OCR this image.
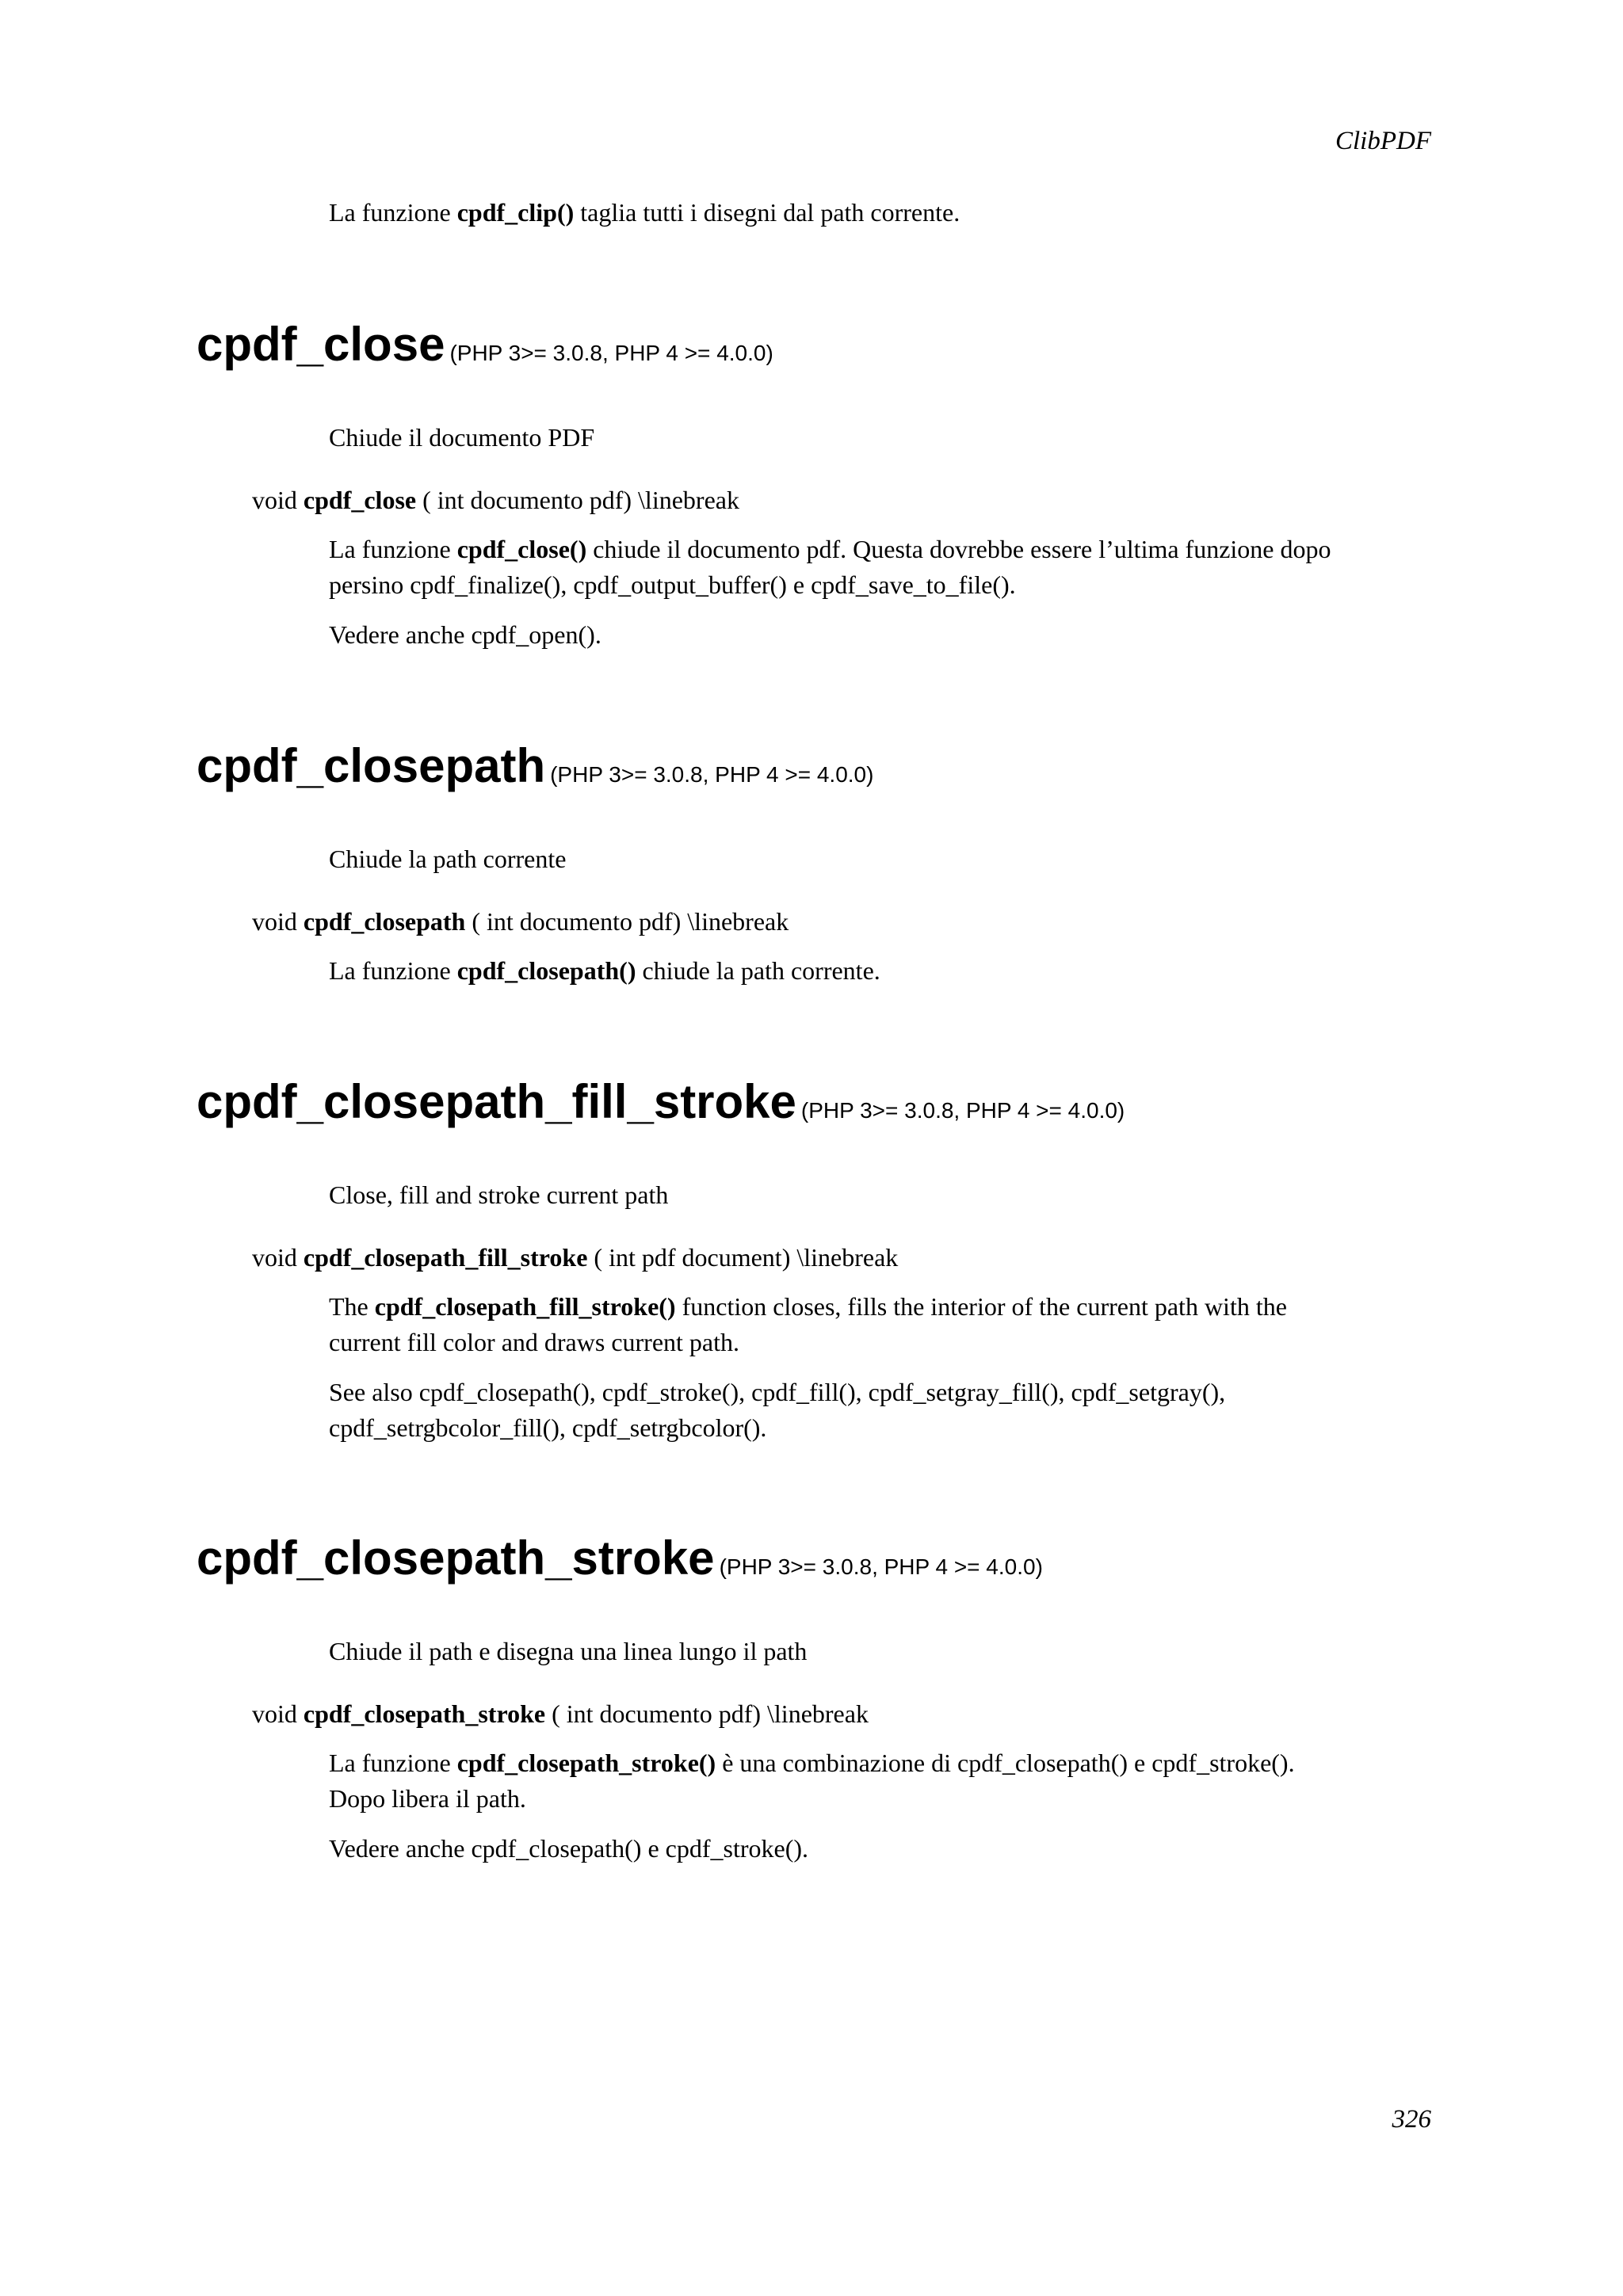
ClibPDF

La funzione cpdf_clip() taglia tutti i disegni dal path corrente.

cpdf_close (PHP 3>= 3.0.8, PHP 4 >= 4.0.0)

Chiude il documento PDF

void cpdf_close ( int documento pdf) \linebreak

La funzione cpdf_close() chiude il documento pdf. Questa dovrebbe essere l’ultima funzione dopo

persino cpdf_finalize(), cpdf_output_buffer() e cpdf_save_to_file().

Vedere anche cpdf_open().

cpdf_closepath (PHP 3>= 3.0.8, PHP 4 >= 4.0.0)

Chiude la path corrente

void cpdf_closepath ( int documento pdf) \linebreak

La funzione cpdf_closepath() chiude la path corrente.

cpdf_closepath_fill_stroke (PHP 3>= 3.0.8, PHP 4 >= 4.0.0)

Close, fill and stroke current path

void cpdf_closepath_fill_stroke ( int pdf document) \linebreak

The cpdf_closepath_fill_stroke() function closes, fills the interior of the current path with the

current fill color and draws current path.

See also cpdf_closepath(), cpdf_stroke(), cpdf_fill(), cpdf_setgray_fill(), cpdf_setgray(),

cpdf_setrgbcolor_fill(), cpdf_setrgbcolor().

cpdf_closepath_stroke (PHP 3>= 3.0.8, PHP 4 >= 4.0.0)

Chiude il path e disegna una linea lungo il path

void cpdf_closepath_stroke ( int documento pdf) \linebreak

La funzione cpdf_closepath_stroke() è una combinazione di cpdf_closepath() e cpdf_stroke().

Dopo libera il path.

Vedere anche cpdf_closepath() e cpdf_stroke().

326
